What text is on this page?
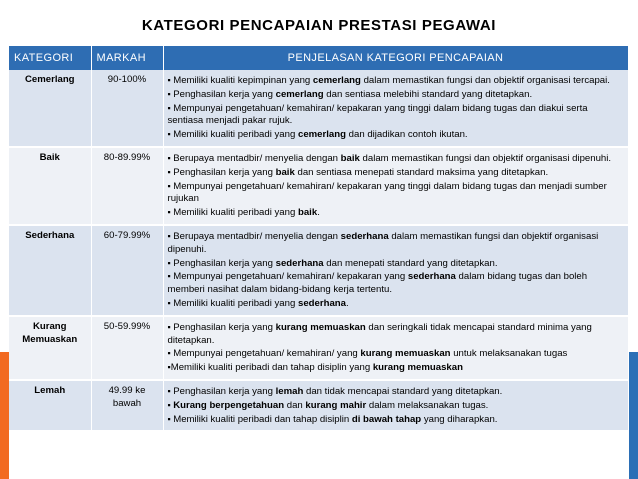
KATEGORI PENCAPAIAN PRESTASI PEGAWAI
KATEGORI	MARKAH	PENJELASAN KATEGORI PENCAPAIAN
Cemerlang	90-100%	▪ Memiliki kualiti kepimpinan yang cemerlang dalam memastikan fungsi dan objektif organisasi tercapai.
▪ Penghasilan kerja yang cemerlang dan sentiasa melebihi standard yang ditetapkan.
▪ Mempunyai pengetahuan/ kemahiran/ kepakaran yang tinggi dalam bidang tugas dan diakui serta sentiasa menjadi pakar rujuk.
▪ Memiliki kualiti peribadi yang cemerlang dan dijadikan contoh ikutan.

Baik	80-89.99%	▪ Berupaya mentadbir/ menyelia dengan baik dalam memastikan fungsi dan objektif organisasi dipenuhi.
▪ Penghasilan kerja yang baik dan sentiasa menepati standard maksima yang ditetapkan.
▪ Mempunyai pengetahuan/ kemahiran/ kepakaran yang tinggi dalam bidang tugas dan menjadi sumber rujukan
▪ Memiliki kualiti peribadi yang baik.

Sederhana	60-79.99%	▪ Berupaya mentadbir/ menyelia dengan sederhana dalam memastikan fungsi dan objektif organisasi dipenuhi.
▪ Penghasilan kerja yang sederhana dan menepati standard yang ditetapkan.
▪ Mempunyai pengetahuan/ kemahiran/ kepakaran yang sederhana dalam bidang tugas dan boleh memberi nasihat dalam bidang-bidang kerja tertentu.
▪ Memiliki kualiti peribadi yang sederhana.

Kurang Memuaskan	50-59.99%	▪ Penghasilan kerja yang kurang memuaskan dan seringkali tidak mencapai standard minima yang ditetapkan.
▪ Mempunyai pengetahuan/ kemahiran/ yang kurang memuaskan untuk melaksanakan tugas
▪ Memiliki kualiti peribadi dan tahap disiplin yang kurang memuaskan

Lemah	49.99 ke bawah	▪ Penghasilan kerja yang lemah dan tidak mencapai standard yang ditetapkan.
▪ Kurang berpengetahuan dan kurang mahir dalam melaksanakan tugas.
▪ Memiliki kualiti peribadi dan tahap disiplin di bawah tahap yang diharapkan.
